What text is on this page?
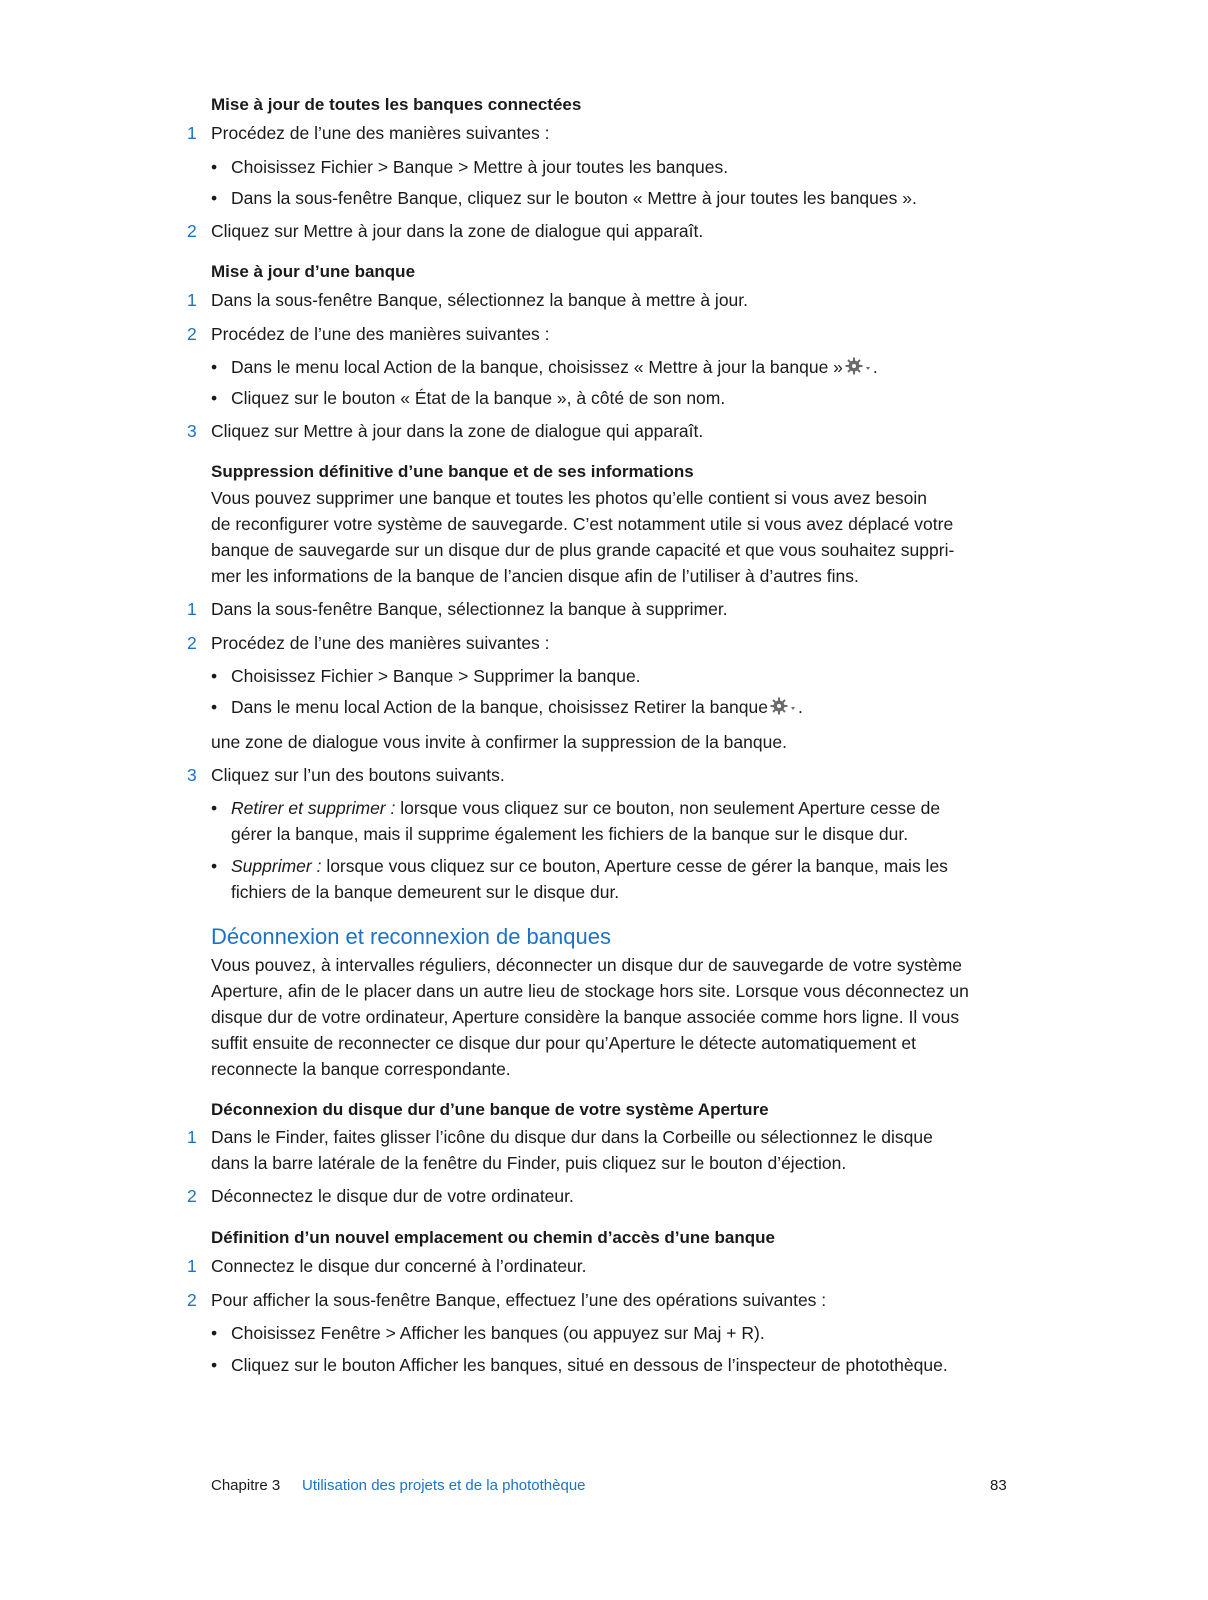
Mise à jour de toutes les banques connectées
1 Procédez de l’une des manières suivantes :
• Choisissez Fichier > Banque > Mettre à jour toutes les banques.
• Dans la sous-fenêtre Banque, cliquez sur le bouton « Mettre à jour toutes les banques ».
2 Cliquez sur Mettre à jour dans la zone de dialogue qui apparaît.
Mise à jour d’une banque
1 Dans la sous-fenêtre Banque, sélectionnez la banque à mettre à jour.
2 Procédez de l’une des manières suivantes :
• Dans le menu local Action de la banque, choisissez « Mettre à jour la banque » .
• Cliquez sur le bouton « État de la banque », à côté de son nom.
3 Cliquez sur Mettre à jour dans la zone de dialogue qui apparaît.
Suppression définitive d’une banque et de ses informations
Vous pouvez supprimer une banque et toutes les photos qu’elle contient si vous avez besoin
de reconfigurer votre système de sauvegarde. C’est notamment utile si vous avez déplacé votre
banque de sauvegarde sur un disque dur de plus grande capacité et que vous souhaitez suppri-
mer les informations de la banque de l’ancien disque afin de l’utiliser à d’autres fins.
1 Dans la sous-fenêtre Banque, sélectionnez la banque à supprimer.
2 Procédez de l’une des manières suivantes :
• Choisissez Fichier > Banque > Supprimer la banque.
• Dans le menu local Action de la banque, choisissez Retirer la banque .
une zone de dialogue vous invite à confirmer la suppression de la banque.
3 Cliquez sur l’un des boutons suivants.
• Retirer et supprimer : lorsque vous cliquez sur ce bouton, non seulement Aperture cesse de
gérer la banque, mais il supprime également les fichiers de la banque sur le disque dur.
• Supprimer : lorsque vous cliquez sur ce bouton, Aperture cesse de gérer la banque, mais les
fichiers de la banque demeurent sur le disque dur.
Déconnexion et reconnexion de banques
Vous pouvez, à intervalles réguliers, déconnecter un disque dur de sauvegarde de votre système
Aperture, afin de le placer dans un autre lieu de stockage hors site. Lorsque vous déconnectez un
disque dur de votre ordinateur, Aperture considère la banque associée comme hors ligne. Il vous
suffit ensuite de reconnecter ce disque dur pour qu’Aperture le détecte automatiquement et
reconnecte la banque correspondante.
Déconnexion du disque dur d’une banque de votre système Aperture
1 Dans le Finder, faites glisser l’icône du disque dur dans la Corbeille ou sélectionnez le disque
dans la barre latérale de la fenêtre du Finder, puis cliquez sur le bouton d’éjection.
2 Déconnectez le disque dur de votre ordinateur.
Définition d’un nouvel emplacement ou chemin d’accès d’une banque
1 Connectez le disque dur concerné à l’ordinateur.
2 Pour afficher la sous-fenêtre Banque, effectuez l’une des opérations suivantes :
• Choisissez Fenêtre > Afficher les banques (ou appuyez sur Maj + R).
• Cliquez sur le bouton Afficher les banques, situé en dessous de l’inspecteur de photothèque.
Chapitre 3 Utilisation des projets et de la photothèque	83
